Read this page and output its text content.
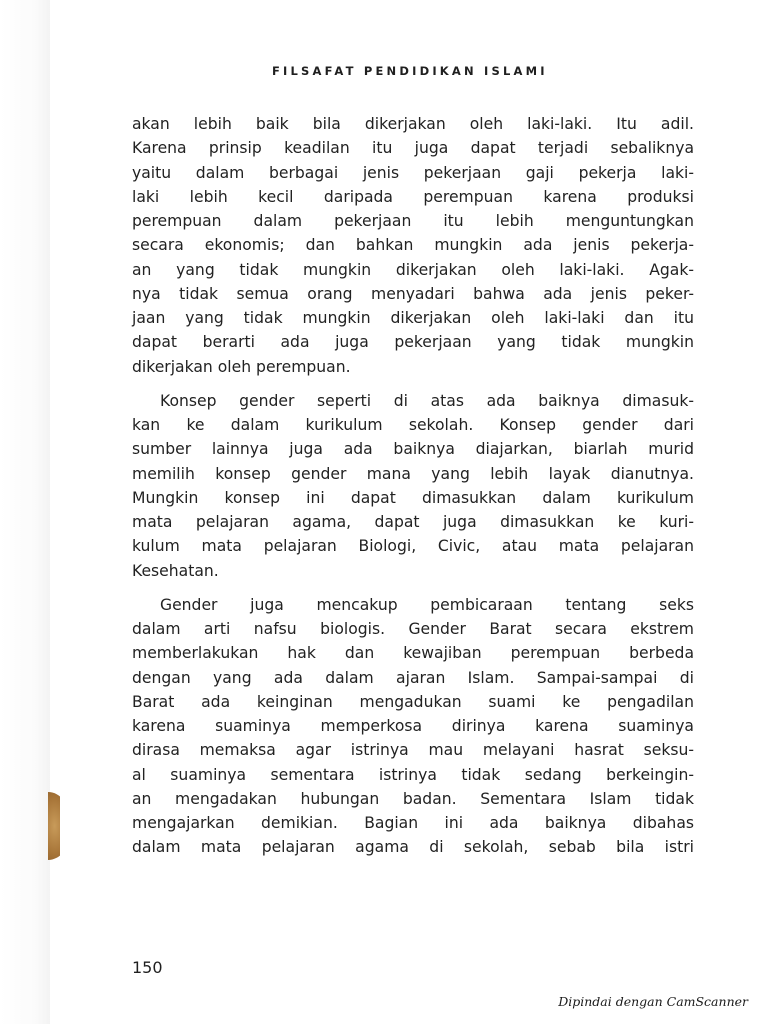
FILSAFAT PENDIDIKAN ISLAMI
akan lebih baik bila dikerjakan oleh laki-laki. Itu adil.
Karena prinsip keadilan itu juga dapat terjadi sebaliknya
yaitu dalam berbagai jenis pekerjaan gaji pekerja laki-
laki lebih kecil daripada perempuan karena produksi
perempuan dalam pekerjaan itu lebih menguntungkan
secara ekonomis; dan bahkan mungkin ada jenis pekerja-
an yang tidak mungkin dikerjakan oleh laki-laki. Agak-
nya tidak semua orang menyadari bahwa ada jenis peker-
jaan yang tidak mungkin dikerjakan oleh laki-laki dan itu
dapat berarti ada juga pekerjaan yang tidak mungkin
dikerjakan oleh perempuan.
Konsep gender seperti di atas ada baiknya dimasuk-
kan ke dalam kurikulum sekolah. Konsep gender dari
sumber lainnya juga ada baiknya diajarkan, biarlah murid
memilih konsep gender mana yang lebih layak dianutnya.
Mungkin konsep ini dapat dimasukkan dalam kurikulum
mata pelajaran agama, dapat juga dimasukkan ke kuri-
kulum mata pelajaran Biologi, Civic, atau mata pelajaran
Kesehatan.
Gender juga mencakup pembicaraan tentang seks
dalam arti nafsu biologis. Gender Barat secara ekstrem
memberlakukan hak dan kewajiban perempuan berbeda
dengan yang ada dalam ajaran Islam. Sampai-sampai di
Barat ada keinginan mengadukan suami ke pengadilan
karena suaminya memperkosa dirinya karena suaminya
dirasa memaksa agar istrinya mau melayani hasrat seksu-
al suaminya sementara istrinya tidak sedang berkeingin-
an mengadakan hubungan badan. Sementara Islam tidak
mengajarkan demikian. Bagian ini ada baiknya dibahas
dalam mata pelajaran agama di sekolah, sebab bila istri
150
Dipindai dengan CamScanner
